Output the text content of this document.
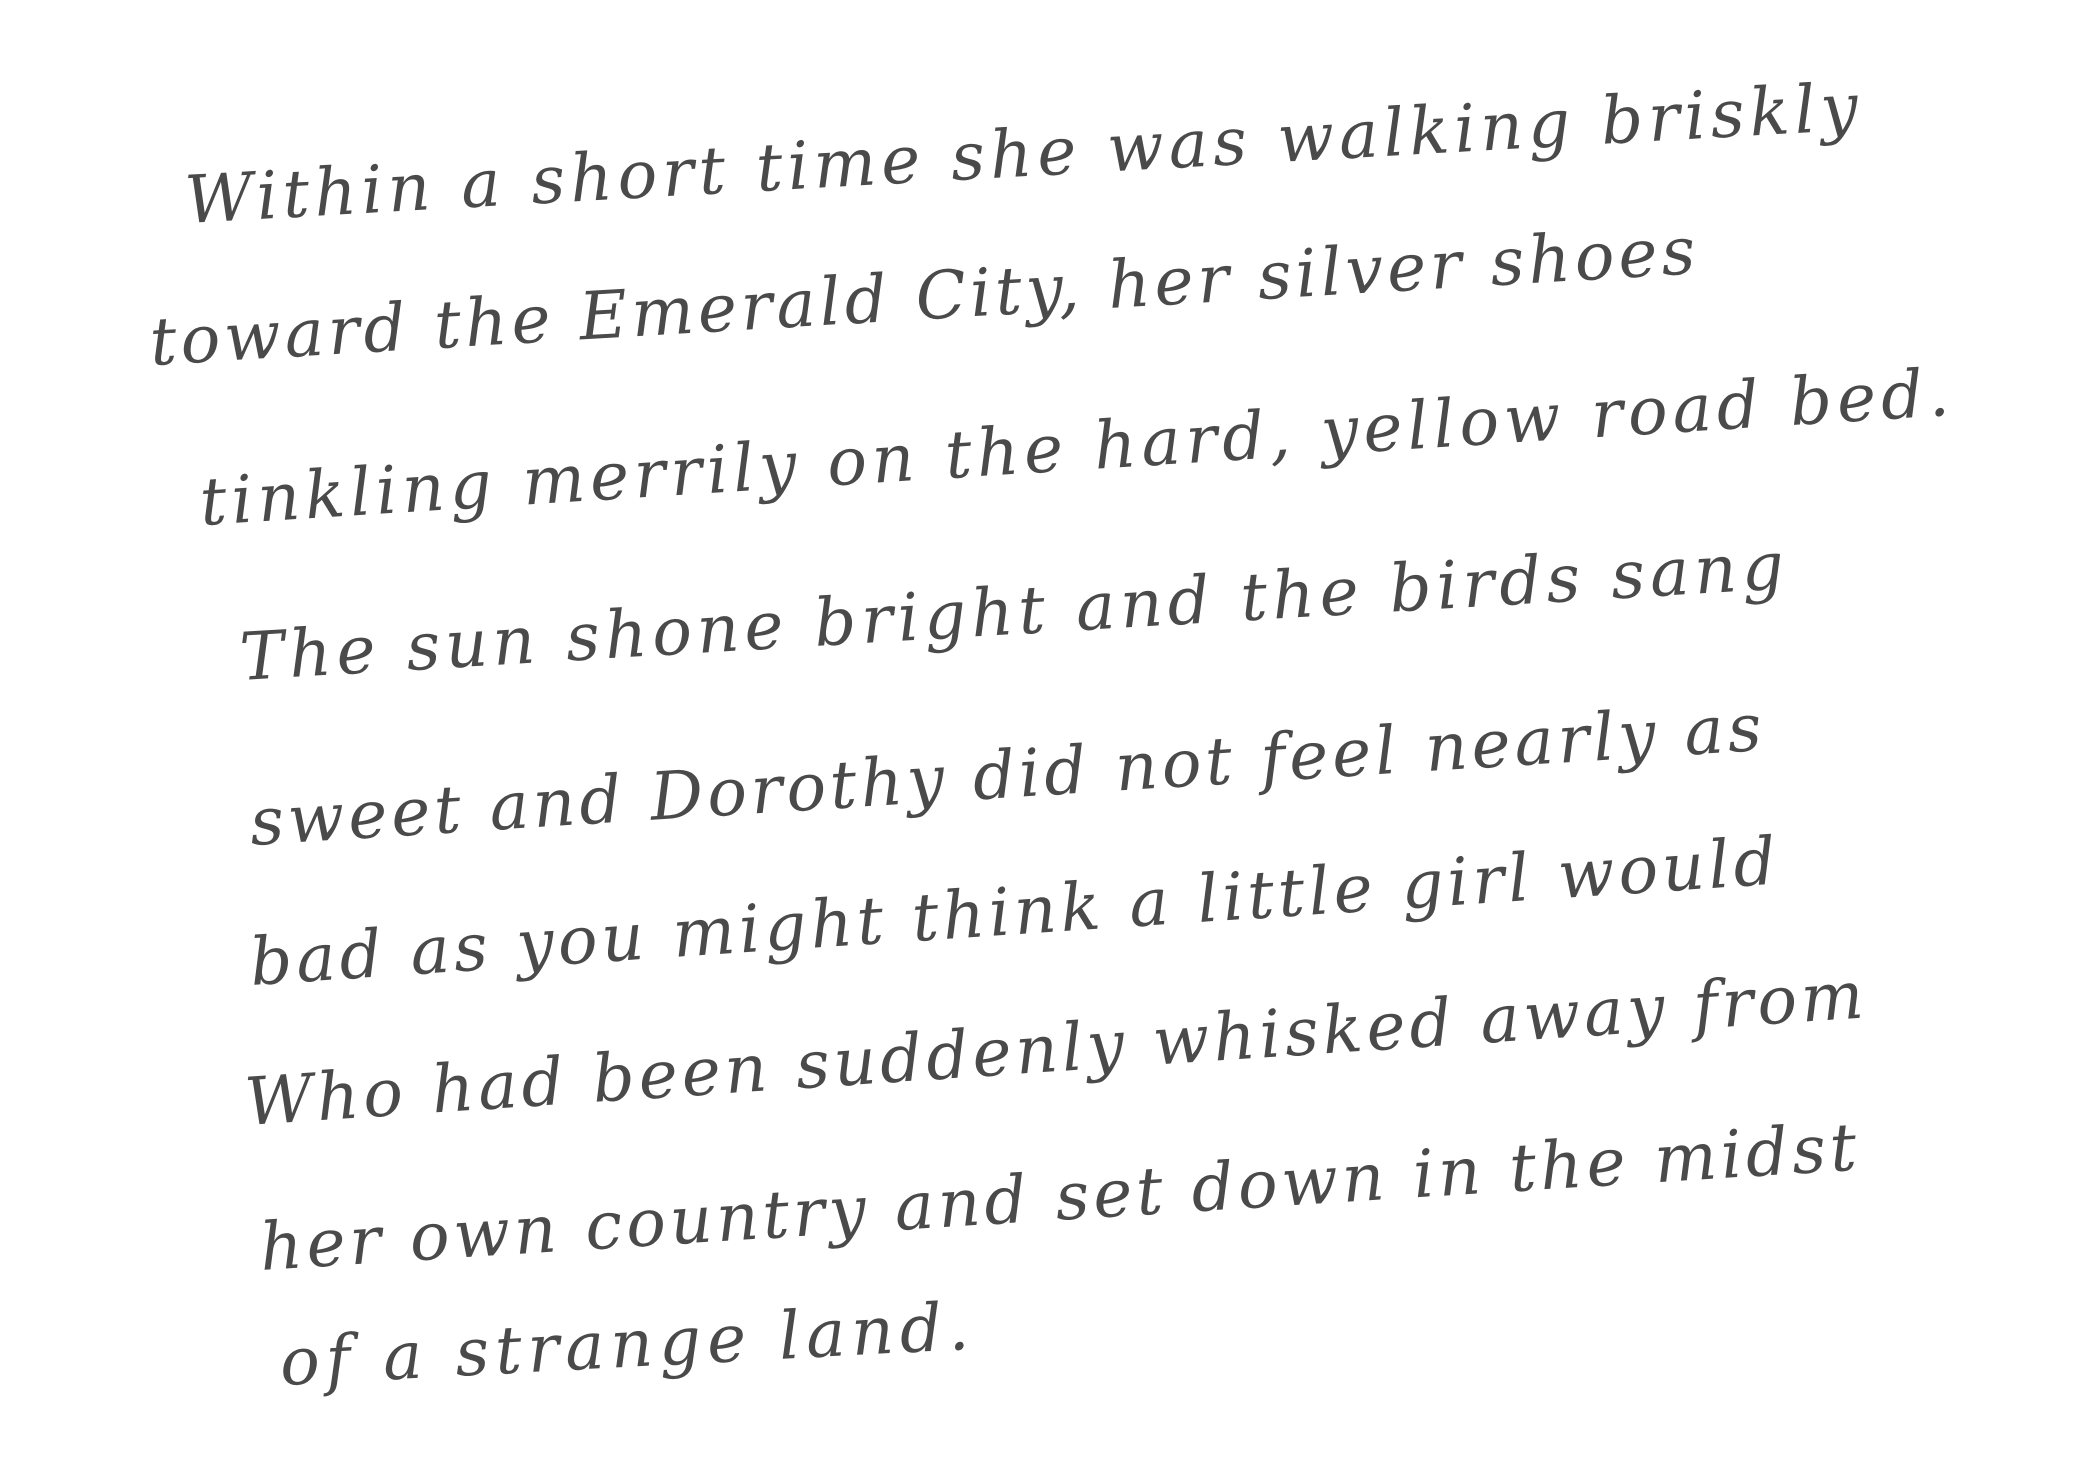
Within a short time she was walking briskly
toward the Emerald City, her silver shoes
tinkling merrily on the hard, yellow road bed.
The sun shone bright and the birds sang
sweet and Dorothy did not feel nearly as
bad as you might think a little girl would
Who had been suddenly whisked away from
her own country and set down in the midst
of a strange land.
